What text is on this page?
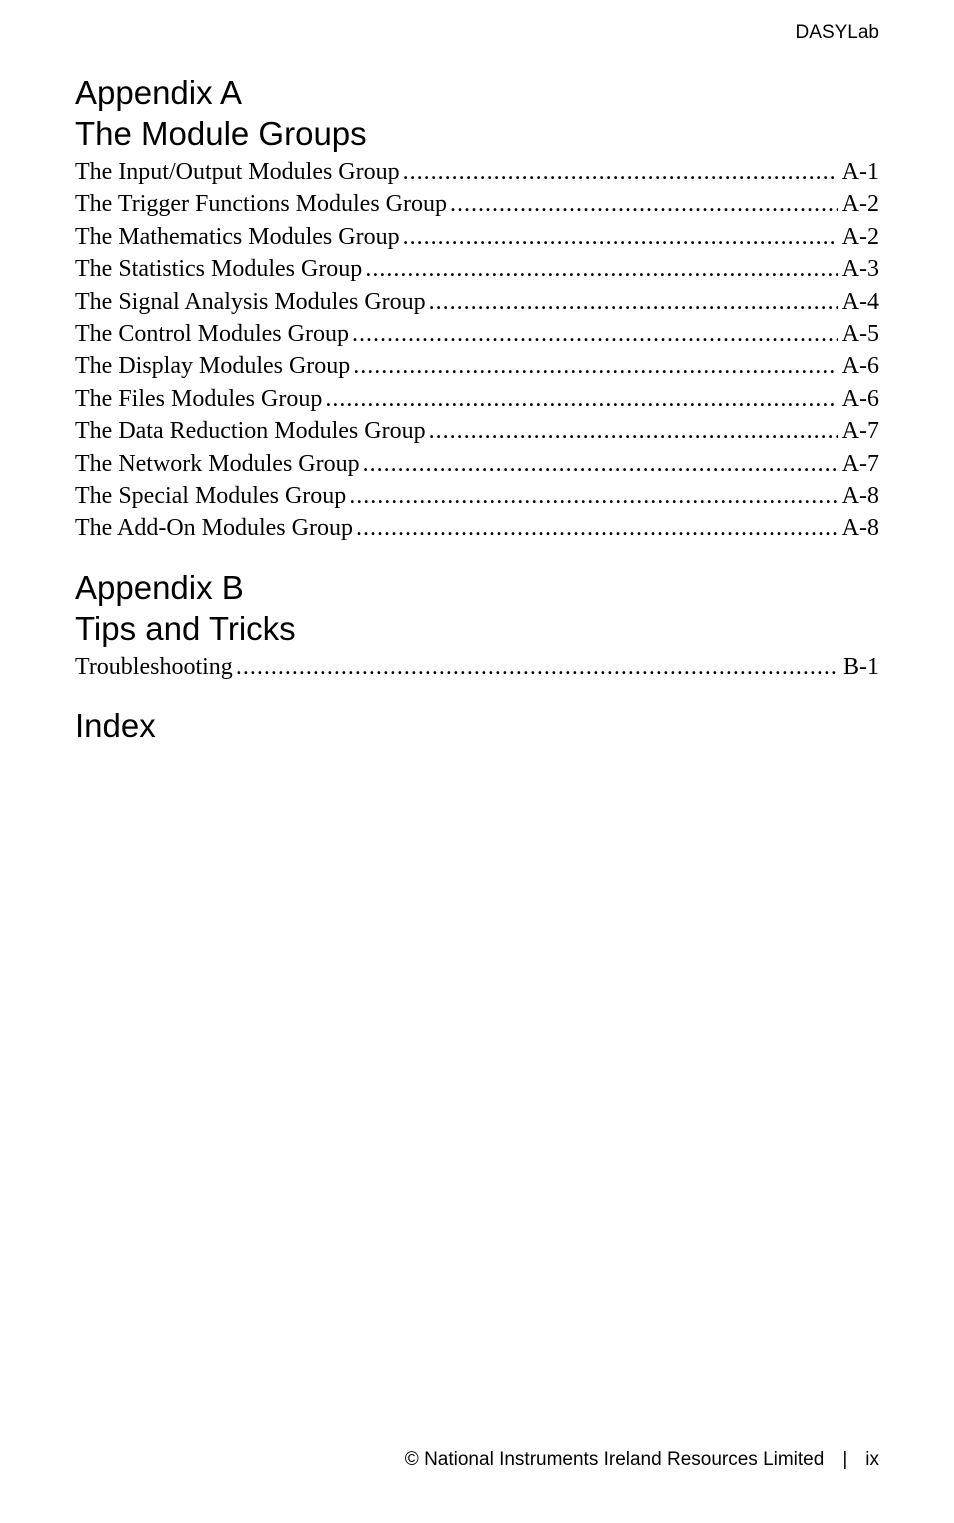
DASYLab
Appendix A
The Module Groups
The Input/Output Modules Group .....	A-1
The Trigger Functions Modules Group .....	A-2
The Mathematics Modules Group .....	A-2
The Statistics Modules Group .....	A-3
The Signal Analysis Modules Group .....	A-4
The Control Modules Group .....	A-5
The Display Modules Group .....	A-6
The Files Modules Group .....	A-6
The Data Reduction Modules Group .....	A-7
The Network Modules Group .....	A-7
The Special Modules Group .....	A-8
The Add-On Modules Group .....	A-8
Appendix B
Tips and Tricks
Troubleshooting .....	B-1
Index
© National Instruments Ireland Resources Limited | ix
